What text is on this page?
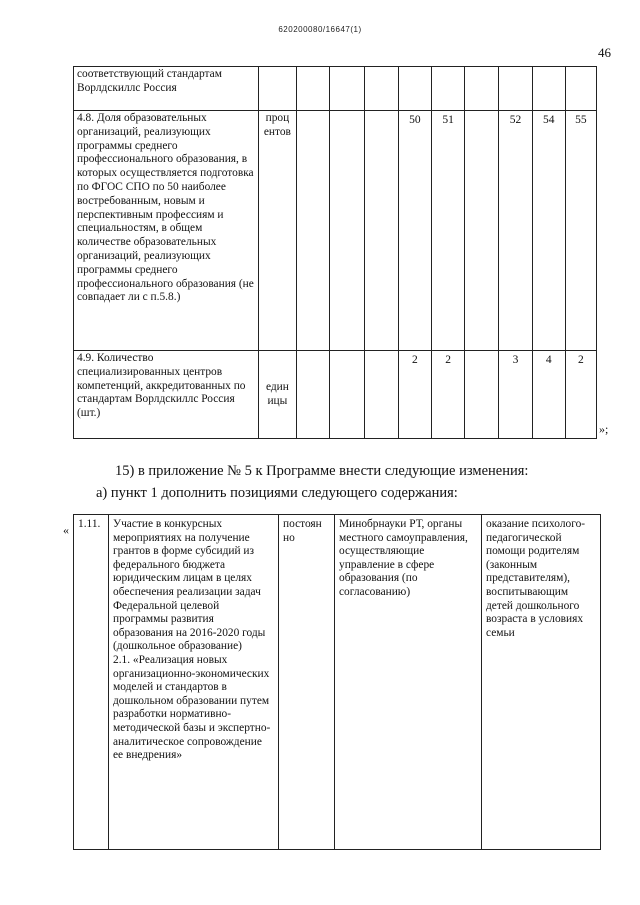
620200080/16647(1)
46
соответствующий стандартам Ворлдскиллс Россия										
4.8. Доля образовательных организаций, реализующих программы среднего профессионального образования, в которых осуществляется подготовка по ФГОС СПО по 50 наиболее востребованным, новым и перспективным профессиям и специальностям, в общем количестве образовательных организаций, реализующих программы среднего профессионального образования (не совпадает ли с п.5.8.)	процентов				50	51		52	54	55
4.9. Количество специализированных центров компетенций, аккредитованных по стандартам Ворлдскиллс Россия (шт.)	единицы				2	2		3	4	2
»;
15) в приложение № 5 к Программе внести следующие изменения:
а) пункт 1 дополнить позициями следующего содержания:
« 1.11.	Участие в конкурсных мероприятиях на получение грантов в форме субсидий из федерального бюджета юридическим лицам в целях обеспечения реализации задач Федеральной целевой программы развития образования на 2016-2020 годы (дошкольное образование)
2.1. «Реализация новых организационно-экономических моделей и стандартов в дошкольном образовании путем разработки нормативно-методической базы и экспертно-аналитическое сопровождение ее внедрения»
	постоянно	Минобрнауки РТ, органы местного самоуправления, осуществляющие управление в сфере образования (по согласованию)	оказание психолого-педагогической помощи родителям (законным представителям), воспитывающим детей дошкольного возраста в условиях семьи
